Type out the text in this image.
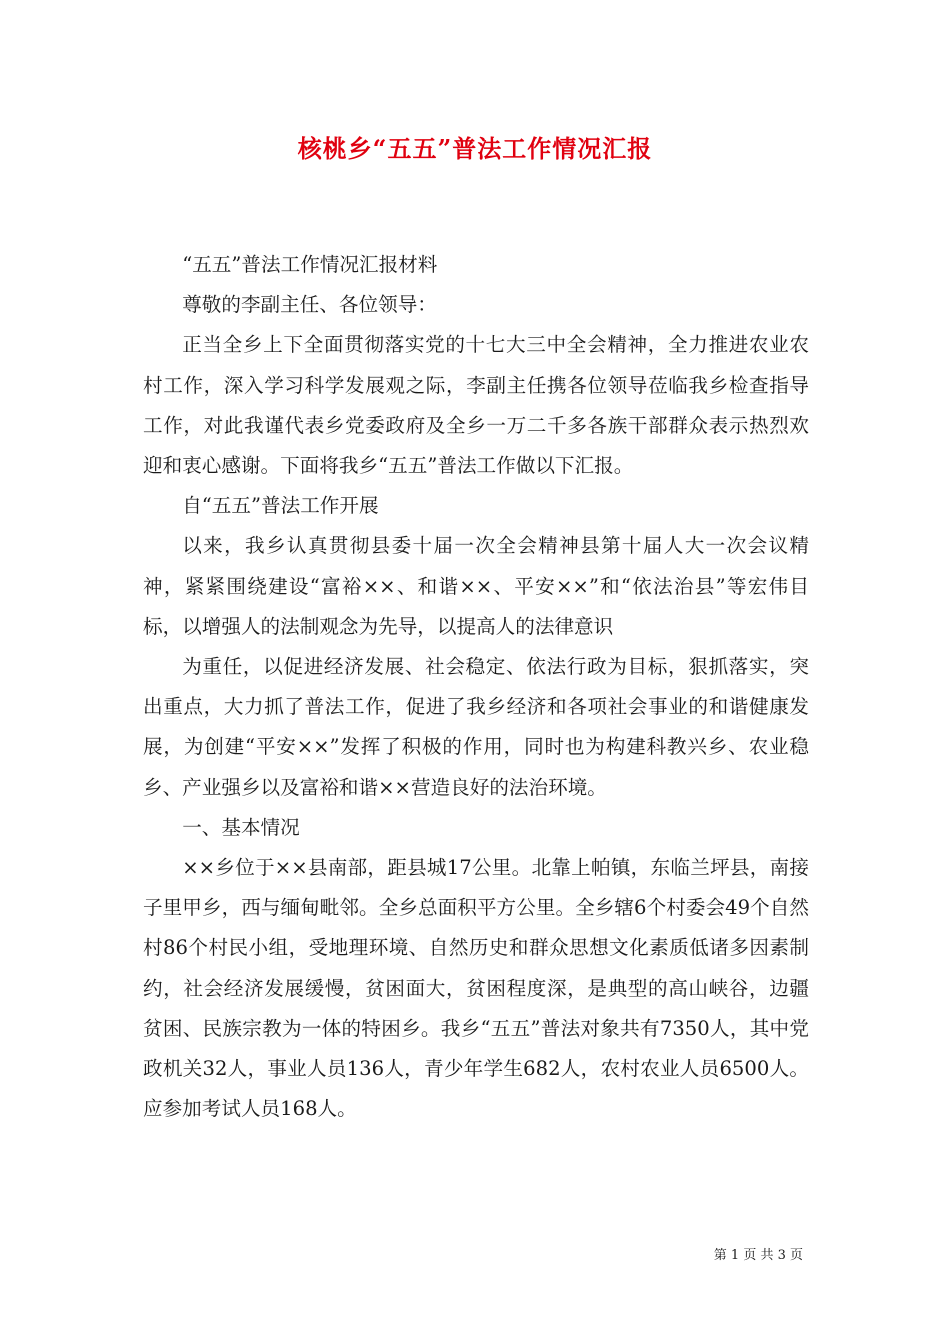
核桃乡“五五”普法工作情况汇报

“五五”普法工作情况汇报材料

尊敬的李副主任、各位领导：

正当全乡上下全面贯彻落实党的十七大三中全会精神，全力推进农业农村工作，深入学习科学发展观之际，李副主任携各位领导莅临我乡检查指导工作，对此我谨代表乡党委政府及全乡一万二千多各族干部群众表示热烈欢迎和衷心感谢。下面将我乡“五五”普法工作做以下汇报。

自“五五”普法工作开展

以来，我乡认真贯彻县委十届一次全会精神县第十届人大一次会议精神，紧紧围绕建设“富裕××、和谐××、平安××”和“依法治县”等宏伟目标，以增强人的法制观念为先导，以提高人的法律意识

为重任，以促进经济发展、社会稳定、依法行政为目标，狠抓落实，突出重点，大力抓了普法工作，促进了我乡经济和各项社会事业的和谐健康发展，为创建“平安××”发挥了积极的作用，同时也为构建科教兴乡、农业稳乡、产业强乡以及富裕和谐××营造良好的法治环境。

一、基本情况

××乡位于××县南部，距县城17公里。北靠上帕镇，东临兰坪县，南接子里甲乡，西与缅甸毗邻。全乡总面积平方公里。全乡辖6个村委会49个自然村86个村民小组，受地理环境、自然历史和群众思想文化素质低诸多因素制约，社会经济发展缓慢，贫困面大，贫困程度深，是典型的高山峡谷，边疆贫困、民族宗教为一体的特困乡。我乡“五五”普法对象共有7350人，其中党政机关32人，事业人员136人，青少年学生682人，农村农业人员6500人。应参加考试人员168人。

第 1 页 共 3 页
